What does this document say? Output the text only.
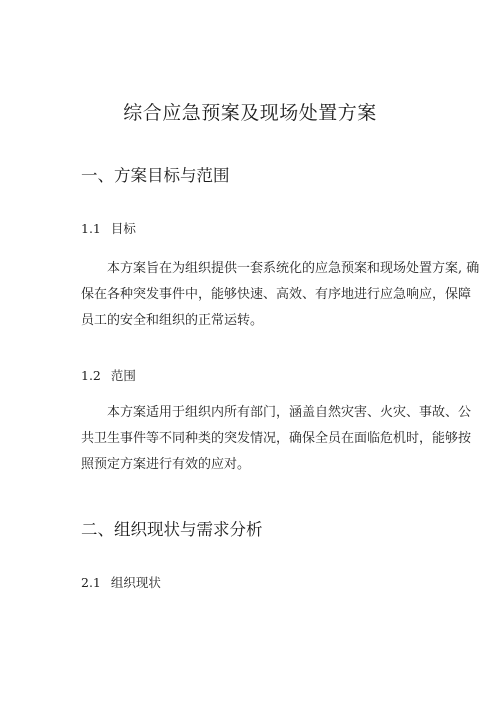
综合应急预案及现场处置方案
一、方案目标与范围
1.1 目标
本方案旨在为组织提供一套系统化的应急预案和现场处置方案, 确
保在各种突发事件中，能够快速、高效、有序地进行应急响应，保障
员工的安全和组织的正常运转。
1.2 范围
本方案适用于组织内所有部门，涵盖自然灾害、火灾、事故、公
共卫生事件等不同种类的突发情况，确保全员在面临危机时，能够按
照预定方案进行有效的应对。
二、组织现状与需求分析
2.1 组织现状
